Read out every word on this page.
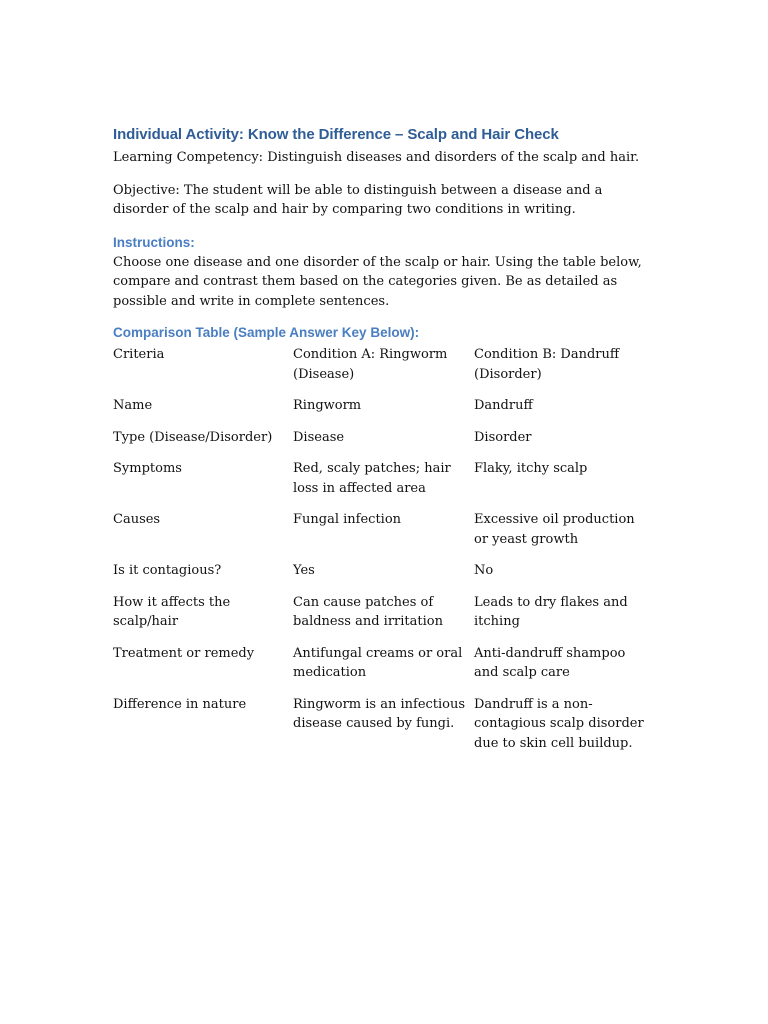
Individual Activity: Know the Difference – Scalp and Hair Check

Learning Competency: Distinguish diseases and disorders of the scalp and hair.

Objective: The student will be able to distinguish between a disease and a disorder of the scalp and hair by comparing two conditions in writing.

Instructions:

Choose one disease and one disorder of the scalp or hair. Using the table below, compare and contrast them based on the categories given. Be as detailed as possible and write in complete sentences.

Comparison Table (Sample Answer Key Below):
Criteria	Condition A: Ringworm (Disease)	Condition B: Dandruff (Disorder)
Name	Ringworm	Dandruff
Type (Disease/Disorder)	Disease	Disorder
Symptoms	Red, scaly patches; hair loss in affected area	Flaky, itchy scalp
Causes	Fungal infection	Excessive oil production or yeast growth
Is it contagious?	Yes	No
How it affects the scalp/hair	Can cause patches of baldness and irritation	Leads to dry flakes and itching
Treatment or remedy	Antifungal creams or oral medication	Anti-dandruff shampoo and scalp care
Difference in nature	Ringworm is an infectious disease caused by fungi.	Dandruff is a non-contagious scalp disorder due to skin cell buildup.
